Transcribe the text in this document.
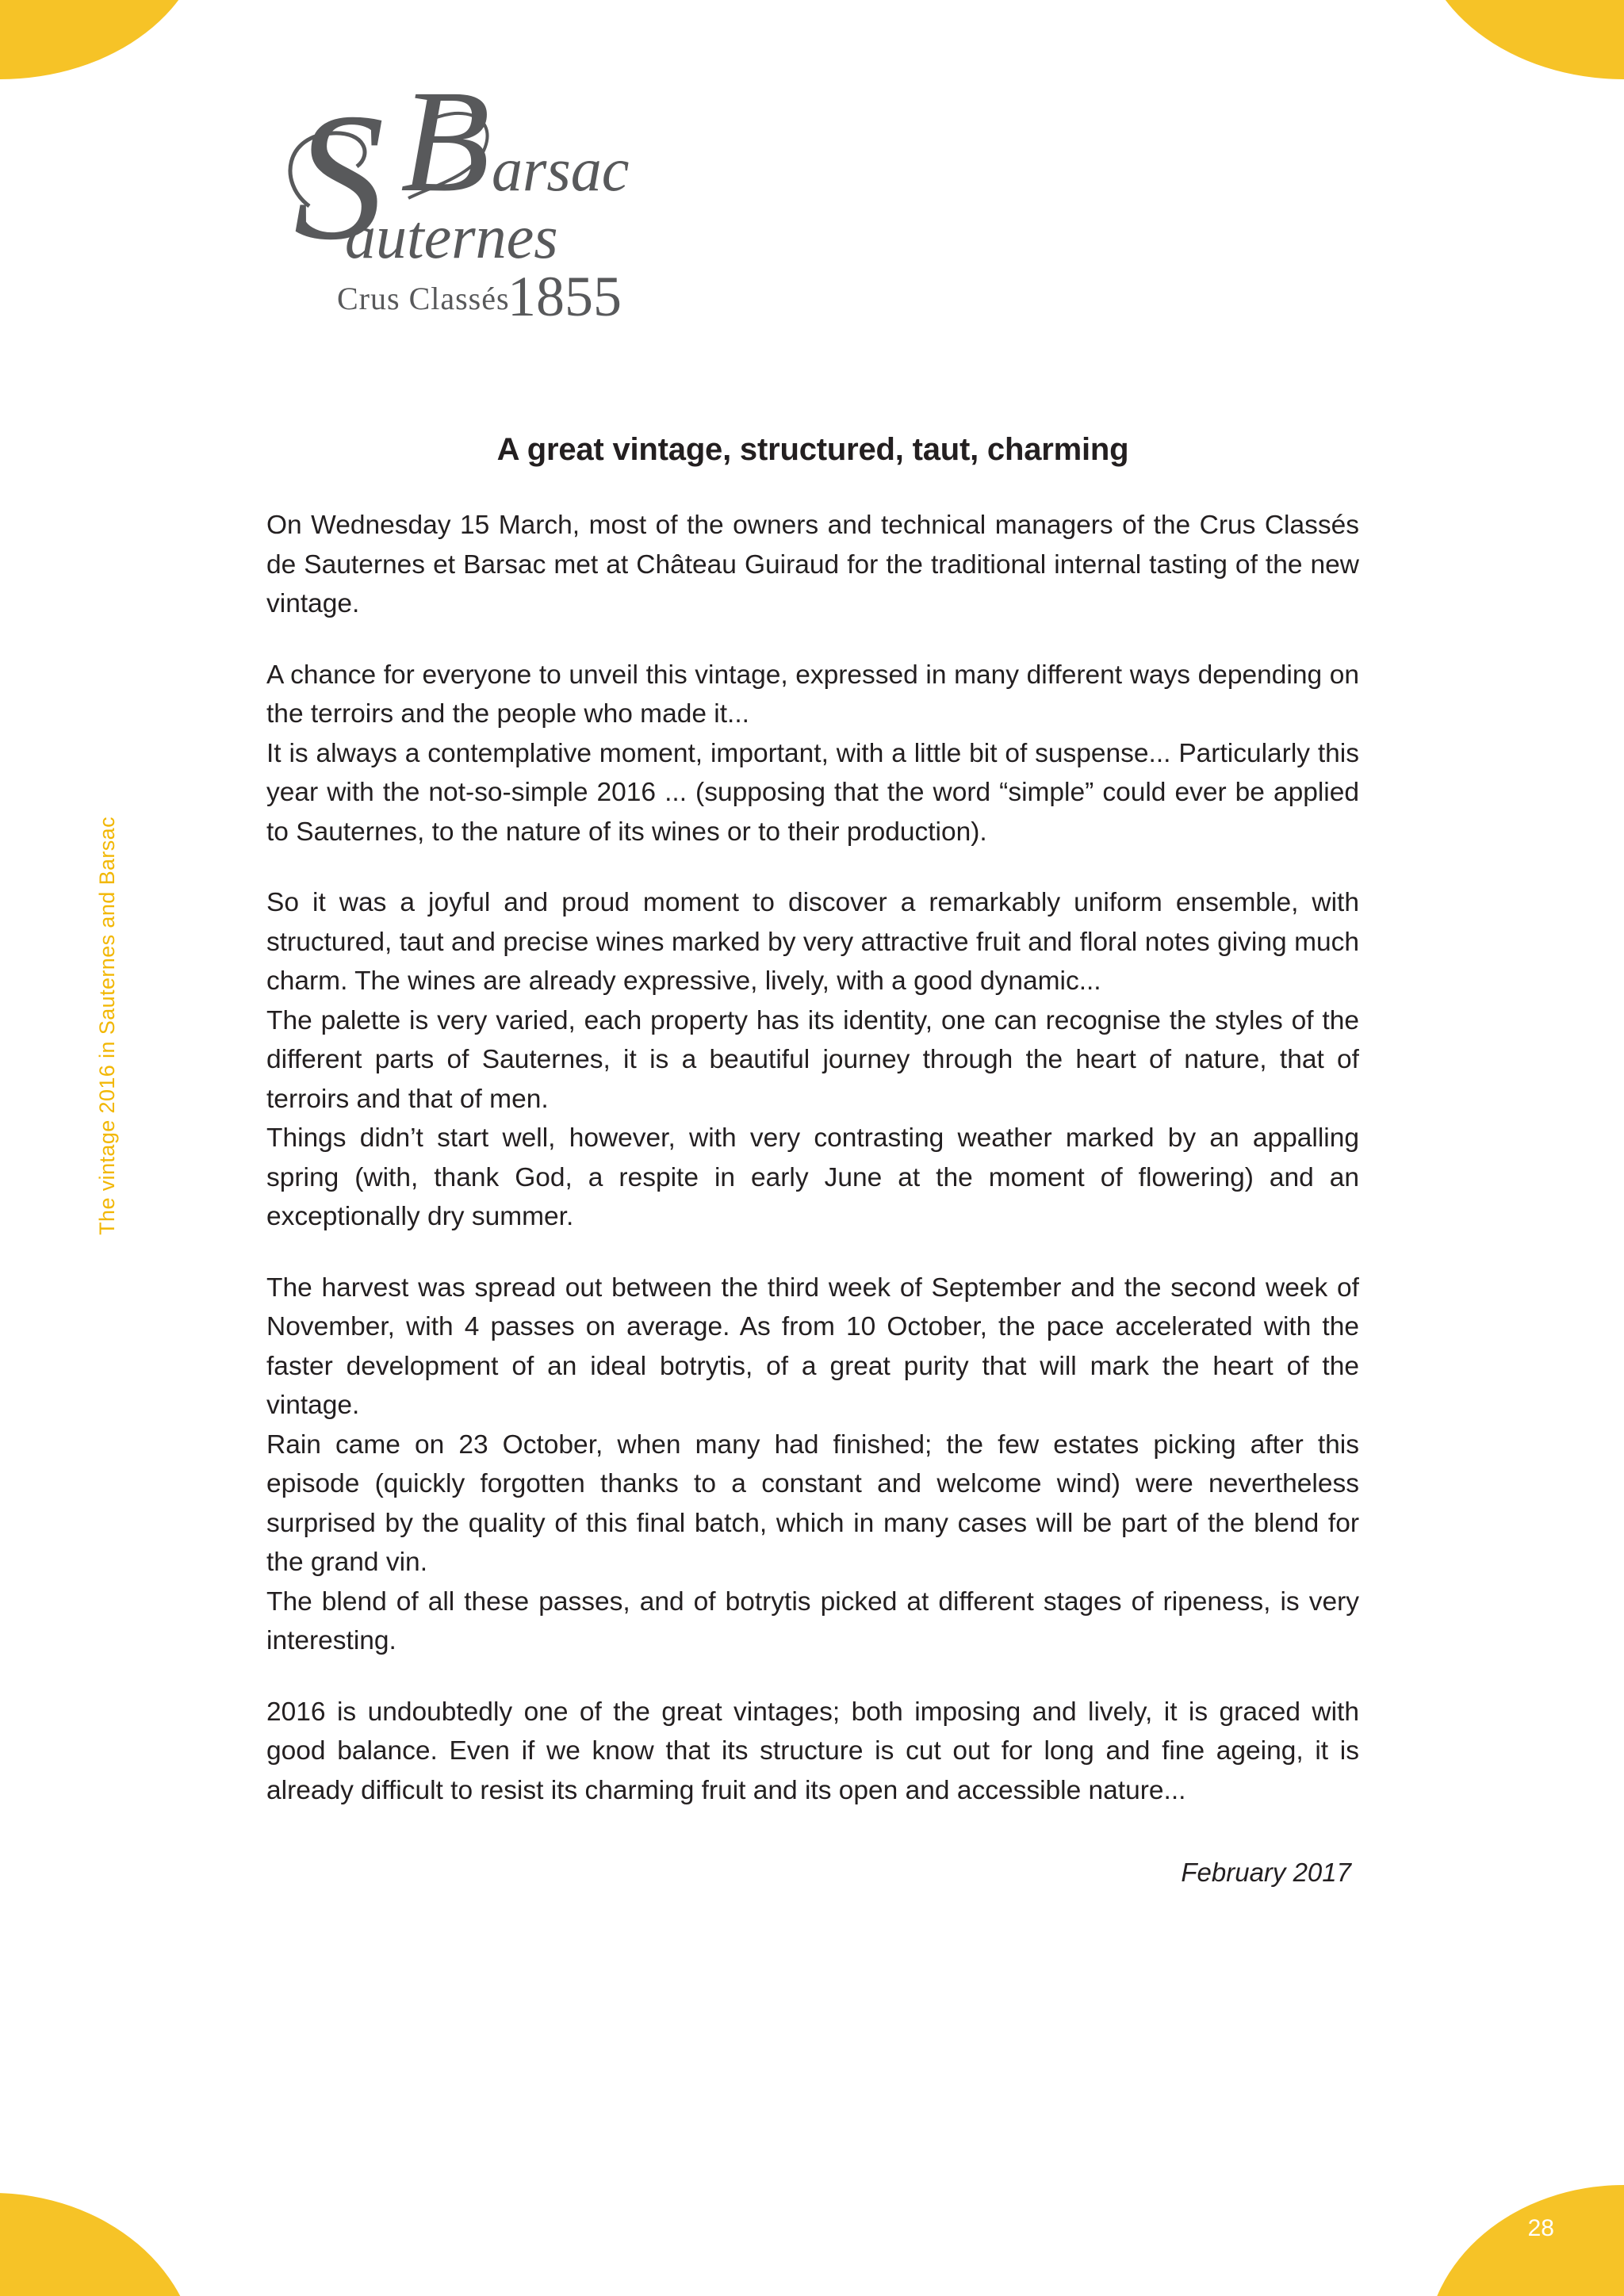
The vintage 2016 in Sauternes and Barsac
S B arsac
auternes
Crus Classés
1855
A great vintage, structured, taut, charming

On Wednesday 15 March, most of the owners and technical managers of the Crus Classés de Sauternes et Barsac met at Château Guiraud for the traditional internal tasting of the new vintage.

A chance for everyone to unveil this vintage, expressed in many different ways depending on the terroirs and the people who made it...

It is always a contemplative moment, important, with a little bit of suspense... Particularly this year with the not-so-simple 2016 ... (supposing that the word “simple” could ever be applied to Sauternes, to the nature of its wines or to their production).

So it was a joyful and proud moment to discover a remarkably uniform ensemble, with structured, taut and precise wines marked by very attractive fruit and floral notes giving much charm. The wines are already expressive, lively, with a good dynamic...

The palette is very varied, each property has its identity, one can recognise the styles of the different parts of Sauternes, it is a beautiful journey through the heart of nature, that of terroirs and that of men.

Things didn’t start well, however, with very contrasting weather marked by an appalling spring (with, thank God, a respite in early June at the moment of flowering) and an exceptionally dry summer.

The harvest was spread out between the third week of September and the second week of November, with 4 passes on average. As from 10 October, the pace accelerated with the faster development of an ideal botrytis, of a great purity that will mark the heart of the vintage.

Rain came on 23 October, when many had finished; the few estates picking after this episode (quickly forgotten thanks to a constant and welcome wind) were nevertheless surprised by the quality of this final batch, which in many cases will be part of the blend for the grand vin.

The blend of all these passes, and of botrytis picked at different stages of ripeness, is very interesting.

2016 is undoubtedly one of the great vintages; both imposing and lively, it is graced with good balance. Even if we know that its structure is cut out for long and fine ageing, it is already difficult to resist its charming fruit and its open and accessible nature...

February 2017
28
